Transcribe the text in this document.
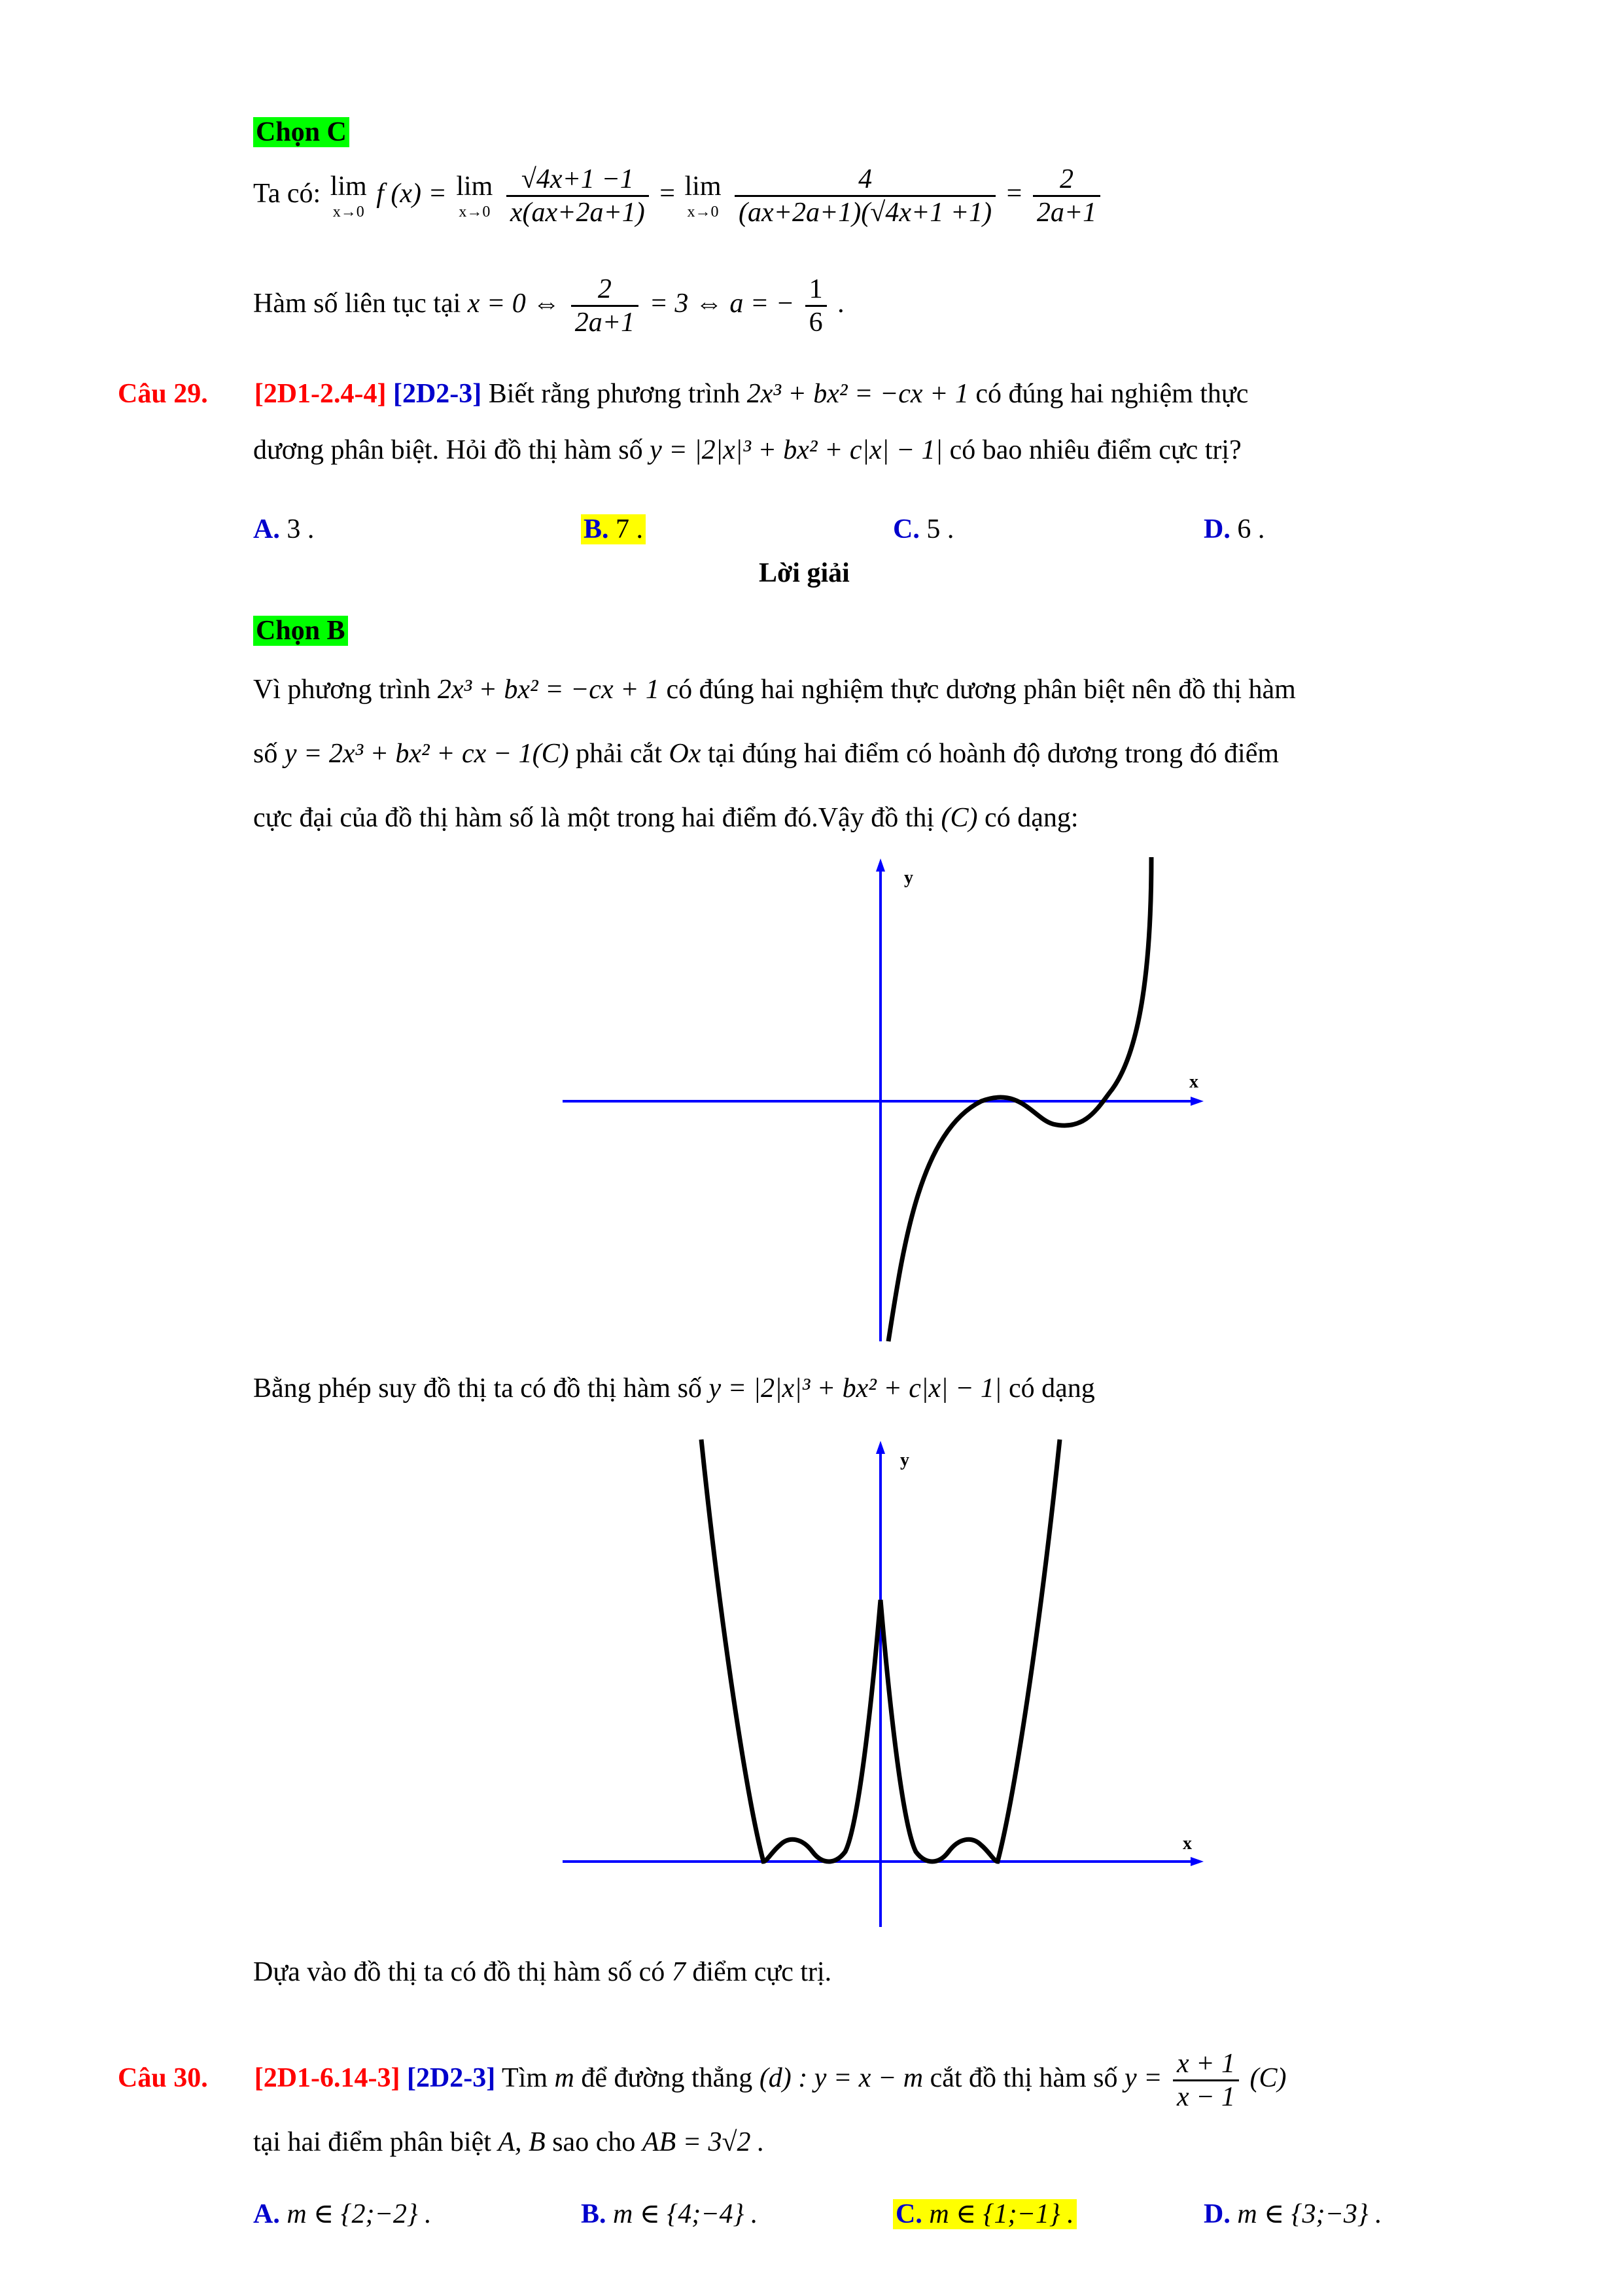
Chọn C
Ta có: lim
x→0
f (x) = lim
x→0
$\frac{√4x+1 -1}{x(ax+2a+1)} = \lim$
x→0
$\frac{4}{(ax+2a+1)(√4x+1 +1)} = \frac{2}{2a+1}$
Hàm số liên tục tại x = 0 ⇔ $\frac{2}{2a+1} = 3$ ⇔ a = − $\frac{1}{6}$ .
Câu 29. [2D1-2.4-4] [2D2-3] Biết rằng phương trình 2x³ + bx² = −cx + 1 có đúng hai nghiệm thực
dương phân biệt. Hỏi đồ thị hàm số y = |2|x|³ + bx² + c|x| − 1| có bao nhiêu điểm cực trị?
A. 3 .	B. 7 .	C. 5 .	D. 6 .
Lời giải
Chọn B
Vì phương trình 2x³ + bx² = −cx + 1 có đúng hai nghiệm thực dương phân biệt nên đồ thị hàm
số y = 2x³ + bx² + cx − 1(C) phải cắt Ox tại đúng hai điểm có hoành độ dương trong đó điểm
cực đại của đồ thị hàm số là một trong hai điểm đó.Vậy đồ thị (C) có dạng:
y
x
Bằng phép suy đồ thị ta có đồ thị hàm số y = |2|x|³ + bx² + c|x| − 1| có dạng
y
x
Dựa vào đồ thị ta có đồ thị hàm số có 7 điểm cực trị.
Câu 30. [2D1-6.14-3] [2D2-3] Tìm m để đường thẳng (d) : y = x − m cắt đồ thị hàm số $y = \frac{x + 1}{x - 1} (C)$
tại hai điểm phân biệt A, B sao cho AB = 3√2 .
A. m ∈ {2;−2} .	B. m ∈ {4;−4} .	C. m ∈ {1;−1} .	D. m ∈ {3;−3} .
